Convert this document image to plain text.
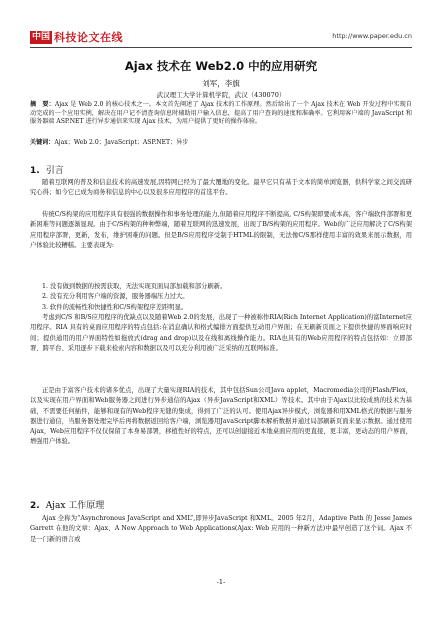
中国 科技论文在线	http://www.paper.edu.cn
Ajax 技术在 Web2.0 中的应用研究
刘军，李旗
武汉理工大学计算机学院，武汉（430070）
摘　要：Ajax 是 Web 2.0 的核心技术之一。本文首先阐述了 Ajax 技术的工作原理。然后给出了一个 Ajax 技术在 Web 开发过程中实现自动完成的一个应用实例，解决在用户记不清查询信息时辅助用户输入信息，提高了用户查询的速度和准确率。它利用客户端的 JavaScript 和服务器端 ASP.NET 进行异步通信来实现 Ajax 技术，为用户提供了更好的操作体验。
关键词：Ajax；Web 2.0；JavaScript；ASP.NET；异步
1. 引言
随着互联网的普及和信息技术的高速发展,因特网已经为了最大覆地的变化。最早它只有基于文本的简单浏览器，供科学家之间交流研究心得；如今它已成为商务和信息的中心以及很多应用程序的首选平台。
传统C/S构架的应用程序具有很强的数据操作和事务处理的能力,但随着应用程序不断提高, C/S构架即要成本高，客户端软件部署和更新困难等问题逐渐显现。由于C/S构架的种种弊端，随着互联网的迅速发展，出现了B/S构架的应用程序。Web的广泛应用解决了C/S构架应用程序部署，更新，发布，维护困难的问题。但是B/S应用程序受制于HTML的限制，无法像C/S那样使用丰富的效果来展示数据，用户体验比较糟糕。主要表现为:
1. 没有做到数据的按需获取，无法实现页面局部加载和部分刷新。
2. 没有充分利用客户端的资源，服务器端压力过大。
3. 软件的流畅性和快捷性和C/S构架程序差距明显。
考虑到C/S 和B/S应用程序的优缺点以及随着Web 2.0的发展，出现了一种被称作RIA(Rich Internet Application)的富Internet应用程序。RIA 具有的桌面应用程序的特点包括:在消息确认和格式编排方面提供互动用户界面；在无刷新页面之下提供快捷的界面响应时间；提供通用的用户界面特性如拖放式(drag and drop)以及在线和离线操作能力。RIA也具有的Web应用程序的特点包括如：立即部署、跨平台、采用逐步下载来检索内容和数据以及可以充分利用被广泛采纳的互联网标准。
正是由于富客户技术的诸多优点，出现了大量实现RIA的技术，其中包括Sun公司Java applet，Macromedia公司的Flash/Flex，以及实现在用户界面和Web服务器之间进行异步通信的Ajax（异步JavaScript和XML）等技术。其中由于Ajax以比较成熟的技术为基础，不需要任何插件，能够和现有的Web程序无缝的集成，得到了广泛的认可。使用Ajax异步模式，浏览器和用XML格式的数据与服务器进行通信，当服务器处理完毕后再将数据返回给客户端，浏览器用JavaScript脚本解析数据并通过局部刷新页面来显示数据。通过使用Ajax，Web应用程序不仅仅保留了本身易部署，移植性好的特点，还可以创建接近本地桌面应用的更直接，更丰富，更动态的用户界面，增强用户体验。
2. Ajax 工作原理
Ajax 全称为“Asynchronous JavaScript and XML”,即异步JavaScript 和XML。2005 年2月，Adaptive Path 的 Jesse James Garrett 在他的文章：Ajax、A New Approach to Web Applications(Ajax: Web 应用的一种新方法)中最早创造了这个词。Ajax 不是一门新的语言或
-1-
